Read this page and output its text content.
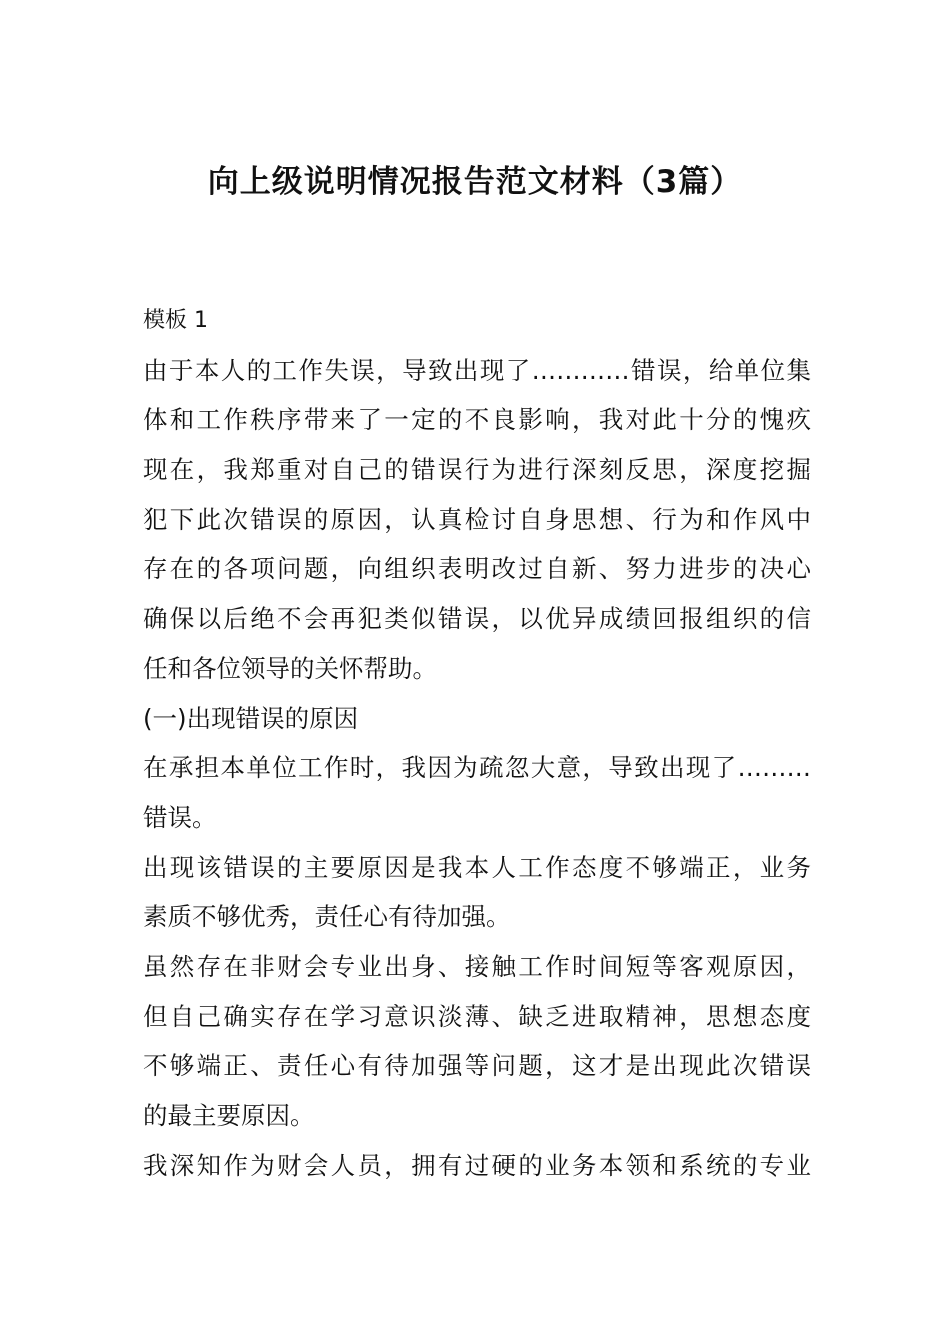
向上级说明情况报告范文材料（3篇）
模板 1
由于本人的工作失误，导致出现了…………错误，给单位集
体和工作秩序带来了一定的不良影响，我对此十分的愧疚
现在，我郑重对自己的错误行为进行深刻反思，深度挖掘
犯下此次错误的原因，认真检讨自身思想、行为和作风中
存在的各项问题，向组织表明改过自新、努力进步的决心
确保以后绝不会再犯类似错误，以优异成绩回报组织的信
任和各位领导的关怀帮助。
(一)出现错误的原因
在承担本单位工作时，我因为疏忽大意，导致出现了………
错误。
出现该错误的主要原因是我本人工作态度不够端正，业务
素质不够优秀，责任心有待加强。
虽然存在非财会专业出身、接触工作时间短等客观原因，
但自己确实存在学习意识淡薄、缺乏进取精神，思想态度
不够端正、责任心有待加强等问题，这才是出现此次错误
的最主要原因。
我深知作为财会人员，拥有过硬的业务本领和系统的专业
